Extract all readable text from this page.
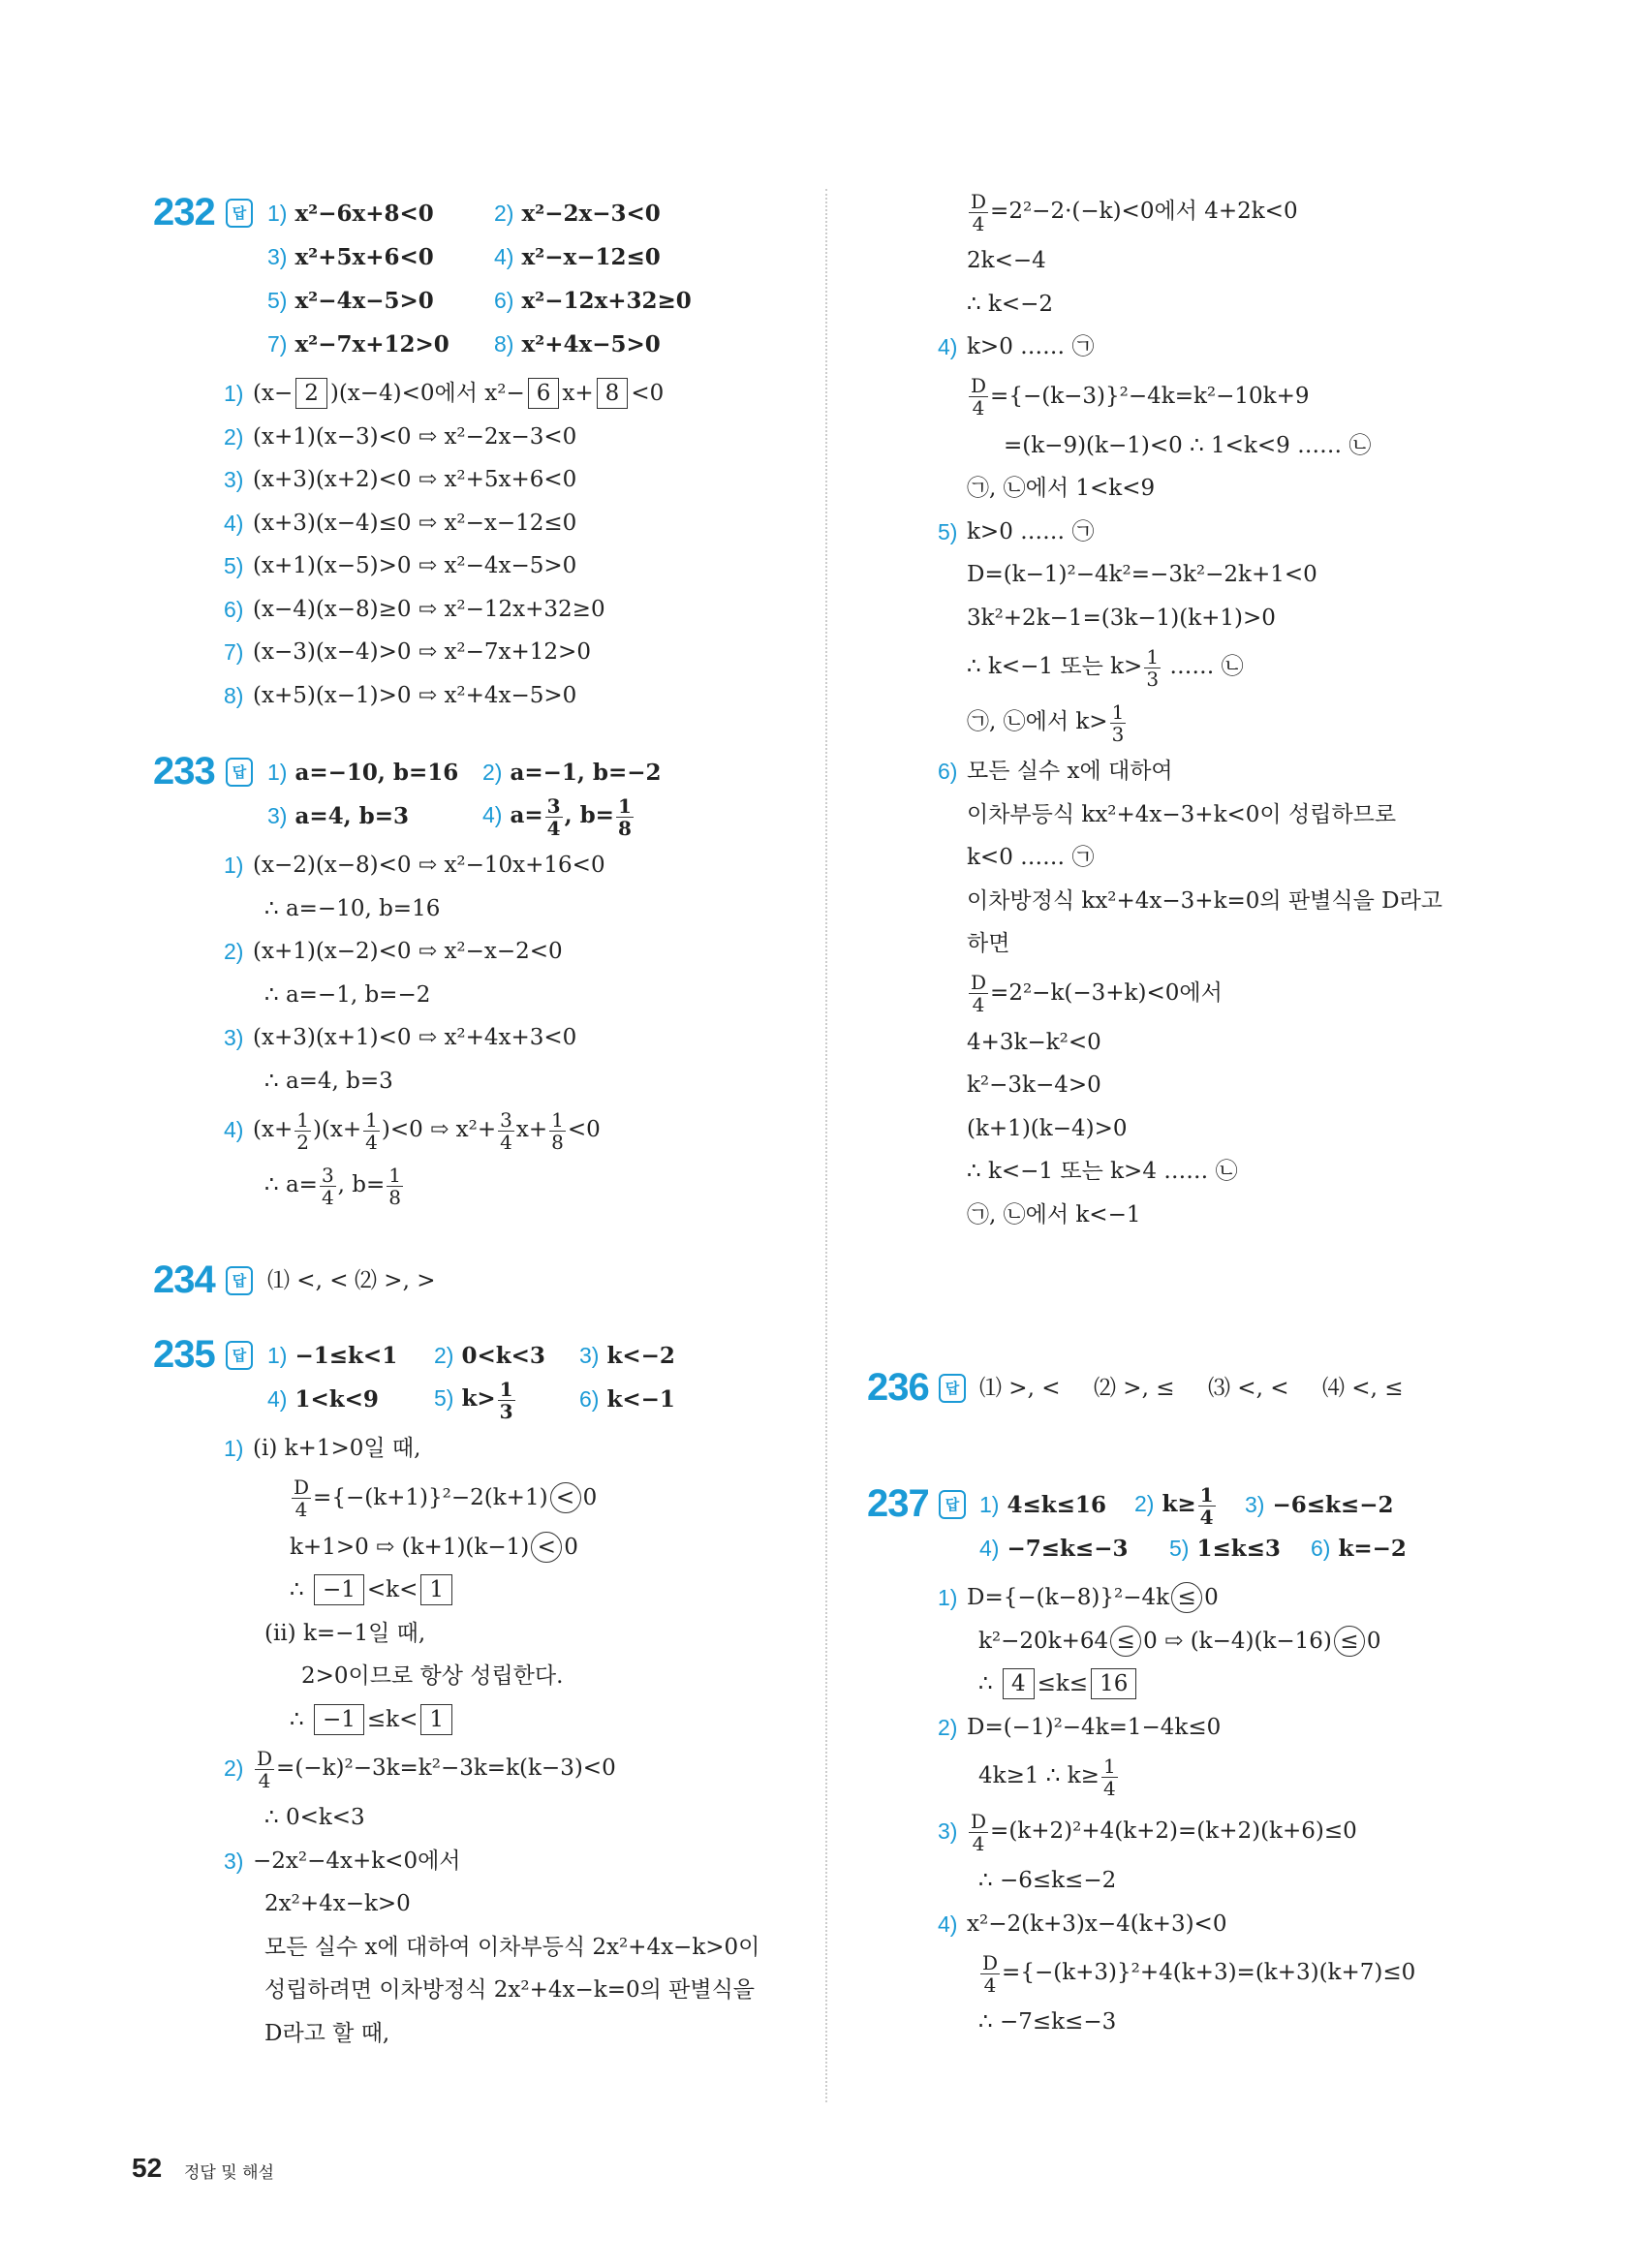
232	답 1) x²−6x+8<0	2) x²−2x−3<0
3) x²+5x+6<0	4) x²−x−12≤0
5) x²−4x−5>0	6) x²−12x+32≥0
7) x²−7x+12>0 8) x²+4x−5>0
1) (x− 2 )(x−4)<0에서 x²− 6 x+ 8 <0
2) (x+1)(x−3)<0 ⇨ x²−2x−3<0
3) (x+3)(x+2)<0 ⇨ x²+5x+6<0
4) (x+3)(x−4)≤0 ⇨ x²−x−12≤0
5) (x+1)(x−5)>0 ⇨ x²−4x−5>0
6) (x−4)(x−8)≥0 ⇨ x²−12x+32≥0
7) (x−3)(x−4)>0 ⇨ x²−7x+12>0
8) (x+5)(x−1)>0 ⇨ x²+4x−5>0
233	답 1) a=−10, b=16 2) a=−1, b=−2
3) a=4, b=3	4) $a= \frac{3}{4}$ , $b= \frac{1}{8}$
1) (x−2)(x−8)<0 ⇨ x²−10x+16<0
∴ a=−10, b=16
2) (x+1)(x−2)<0 ⇨ x²−x−2<0
∴ a=−1, b=−2
3) (x+3)(x+1)<0 ⇨ x²+4x+3<0
∴ a=4, b=3
4) $(x+ \frac{1}{2} )(x+ \frac{1}{4} )<0$ ⇨ $x^2+ \frac{3}{4} x+ \frac{1}{8} <0$
∴ $a= \frac{3}{4}$ , $b= \frac{1}{8}$
234	답 ⑴ <, < ⑵ >, >
235	답 1) −1≤k<1 2) 0<k<3 3) k<−2
4) 1<k<9 5) $k> \frac{1}{3}$	6) k<−1
1) (i) k+1>0일 때,
$\frac{D}{4} =\{-(k+1)\}^2-2(k+1) < 0$
k+1>0 ⇨ (k+1)(k−1) < 0
∴ −1 <k< 1
(ii) k=−1일 때,
2>0이므로 항상 성립한다.
∴ −1 ≤k< 1
$2) \frac{D}{4} =(-k)^2-3k=k^2-3k=k(k-3)<0$
∴ 0<k<3
3) −2x²−4x+k<0에서
2x²+4x−k>0
모든 실수 x에 대하여 이차부등식 2x²+4x−k>0이
성립하려면 이차방정식 2x²+4x−k=0의 판별식을
D라고 할 때,
$\frac{D}{4} =2^2-2\cdot(-k)<0$에서 4+2k<0
2k<−4
∴ k<−2
4) k>0 …… ㉠
$\frac{D}{4} =\{-(k-3)\}^2-4k=k^2-10k+9$
=(k−9)(k−1)<0 ∴ 1<k<9 …… ㉡
㉠, ㉡에서 1<k<9
5) k>0 …… ㉠
D=(k−1)²−4k²=−3k²−2k+1<0
3k²+2k−1=(3k−1)(k+1)>0
∴ k<−1 또는 $k> \frac{1}{3}$ …… ㉡
㉠, ㉡에서 $k> \frac{1}{3}$
6) 모든 실수 x에 대하여
이차부등식 kx²+4x−3+k<0이 성립하므로
k<0 …… ㉠
이차방정식 kx²+4x−3+k=0의 판별식을 D라고
하면
$\frac{D}{4} =2^2-k(-3+k)<0$에서
4+3k−k²<0
k²−3k−4>0
(k+1)(k−4)>0
∴ k<−1 또는 k>4 …… ㉡
㉠, ㉡에서 k<−1
236	답 ⑴ >, < ⑵ >, ≤ ⑶ <, < ⑷ <, ≤
237	답 1) 4≤k≤16 2) $k\ge \frac{1}{4} 3) -6\le k\le-2$
4) −7≤k≤−3 5) 1≤k≤3 6) k=−2
1) D={−(k−8)}²−4k ≤ 0
k²−20k+64 ≤ 0 ⇨ (k−4)(k−16) ≤ 0
∴ 4 ≤k≤ 16
2) D=(−1)²−4k=1−4k≤0
4k≥1 ∴ $k\ge \frac{1}{4}$
$3) \frac{D}{4} =(k+2)^2+4(k+2)=(k+2)(k+6)\le 0$
∴ −6≤k≤−2
4) x²−2(k+3)x−4(k+3)<0
$\frac{D}{4} =\{-(k+3)\}^2+4(k+3)=(k+3)(k+7)\le 0$
∴ −7≤k≤−3
52 정답 및 해설
